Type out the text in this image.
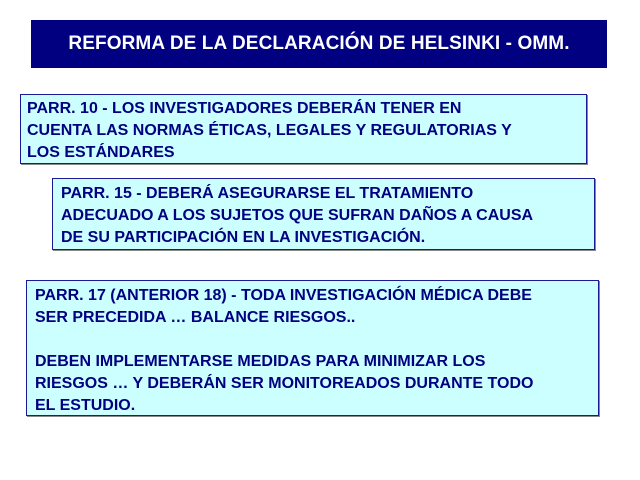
REFORMA DE LA DECLARACIÓN DE HELSINKI - OMM.

PARR. 10 - LOS INVESTIGADORES DEBERÁN TENER EN

CUENTA LAS NORMAS ÉTICAS, LEGALES Y REGULATORIAS Y

LOS ESTÁNDARES

PARR. 15 - DEBERÁ ASEGURARSE EL TRATAMIENTO

ADECUADO A LOS SUJETOS QUE SUFRAN DAÑOS A CAUSA

DE SU PARTICIPACIÓN EN LA INVESTIGACIÓN.

PARR. 17 (ANTERIOR 18) - TODA INVESTIGACIÓN MÉDICA DEBE

SER PRECEDIDA … BALANCE RIESGOS..

DEBEN IMPLEMENTARSE MEDIDAS PARA MINIMIZAR LOS

RIESGOS … Y DEBERÁN SER MONITOREADOS DURANTE TODO

EL ESTUDIO.
